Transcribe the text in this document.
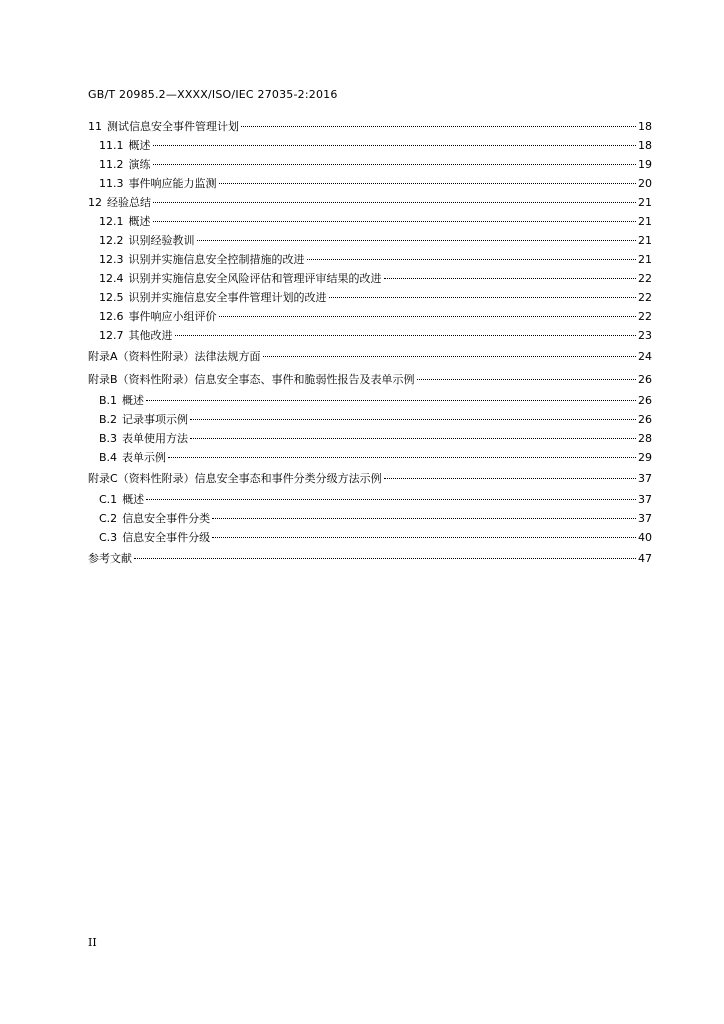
GB/T 20985.2—XXXX/ISO/IEC 27035-2:2016
11 测试信息安全事件管理计划	18
11.1 概述	18
11.2 演练	19
11.3 事件响应能力监测	20
12 经验总结	21
12.1 概述	21
12.2 识别经验教训	21
12.3 识别并实施信息安全控制措施的改进	21
12.4 识别并实施信息安全风险评估和管理评审结果的改进	22
12.5 识别并实施信息安全事件管理计划的改进	22
12.6 事件响应小组评价	22
12.7 其他改进	23
附录A（资料性附录）法律法规方面	24
附录B（资料性附录）信息安全事态、事件和脆弱性报告及表单示例	26
B.1 概述	26
B.2 记录事项示例	26
B.3 表单使用方法	28
B.4 表单示例	29
附录C（资料性附录）信息安全事态和事件分类分级方法示例	37
C.1 概述	37
C.2 信息安全事件分类	37
C.3 信息安全事件分级	40
参考文献	47
II
